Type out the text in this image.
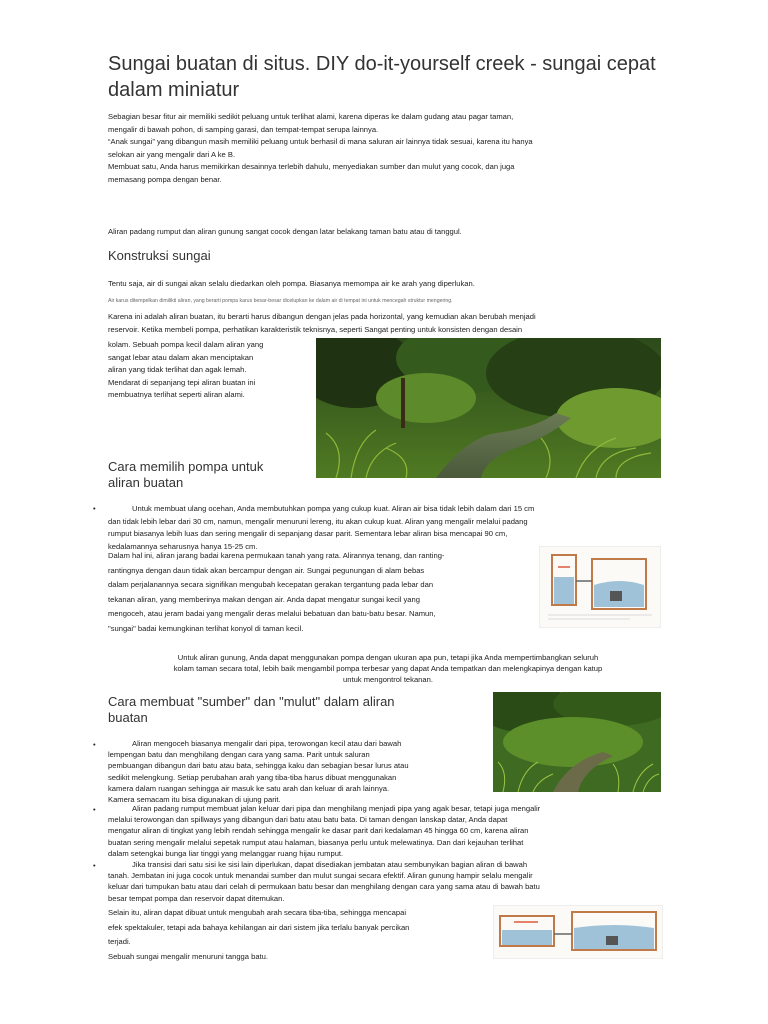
Sungai buatan di situs. DIY do-it-yourself creek - sungai cepat dalam miniatur

Sebagian besar fitur air memiliki sedikit peluang untuk terlihat alami, karena diperas ke dalam gudang atau pagar taman,

mengalir di bawah pohon, di samping garasi, dan tempat-tempat serupa lainnya.

“Anak sungai” yang dibangun masih memiliki peluang untuk berhasil di mana saluran air lainnya tidak sesuai, karena itu hanya

selokan air yang mengalir dari A ke B.

Membuat satu, Anda harus memikirkan desainnya terlebih dahulu, menyediakan sumber dan mulut yang cocok, dan juga

memasang pompa dengan benar.

Aliran padang rumput dan aliran gunung sangat cocok dengan latar belakang taman batu atau di tanggul.

Konstruksi sungai

Tentu saja, air di sungai akan selalu diedarkan oleh pompa. Biasanya memompa air ke arah yang diperlukan.

Air karus ditempelkan dimilikti aliran, yang berarti pompa karus besar-besar dicelupkan ke dalam air di tempat ini untuk mencegah struktur mengering.

Karena ini adalah aliran buatan, itu berarti harus dibangun dengan jelas pada horizontal, yang kemudian akan berubah menjadi

reservoir. Ketika membeli pompa, perhatikan karakteristik teknisnya, seperti Sangat penting untuk konsisten dengan desain

kolam. Sebuah pompa kecil dalam aliran yang

sangat lebar atau dalam akan menciptakan

aliran yang tidak terlihat dan agak lemah.

Mendarat di sepanjang tepi aliran buatan ini

membuatnya terlihat seperti aliran alami.

Cara memilih pompa untuk
aliran buatan
•	Untuk membuat ulang ocehan, Anda membutuhkan pompa yang cukup kuat. Aliran air bisa tidak lebih dalam dari 15 cm

dan tidak lebih lebar dari 30 cm, namun, mengalir menuruni lereng, itu akan cukup kuat. Aliran yang mengalir melalui padang

rumput biasanya lebih luas dan sering mengalir di sepanjang dasar parit. Sementara lebar aliran bisa mencapai 90 cm,

kedalamannya seharusnya hanya 15-25 cm.

Dalam hal ini, aliran jarang badai karena permukaan tanah yang rata. Alirannya tenang, dan ranting-

rantingnya dengan daun tidak akan bercampur dengan air. Sungai pegunungan di alam bebas

dalam perjalanannya secara signifikan mengubah kecepatan gerakan tergantung pada lebar dan

tekanan aliran, yang memberinya makan dengan air. Anda dapat mengatur sungai kecil yang

mengoceh, atau jeram badai yang mengalir deras melalui bebatuan dan batu-batu besar. Namun,

"sungai" badai kemungkinan terlihat konyol di taman kecil.

Untuk aliran gunung, Anda dapat menggunakan pompa dengan ukuran apa pun, tetapi jika Anda mempertimbangkan seluruh

kolam taman secara total, lebih baik mengambil pompa terbesar yang dapat Anda tempatkan dan melengkapinya dengan katup

untuk mengontrol tekanan.

Cara membuat "sumber" dan "mulut" dalam aliran
buatan
•	Aliran mengoceh biasanya mengalir dari pipa, terowongan kecil atau dari bawah

lempengan batu dan menghilang dengan cara yang sama. Parit untuk saluran

pembuangan dibangun dari batu atau bata, sehingga kaku dan sebagian besar lurus atau

sedikit melengkung. Setiap perubahan arah yang tiba-tiba harus dibuat menggunakan

kamera dalam ruangan sehingga air masuk ke satu arah dan keluar di arah lainnya.

Kamera semacam itu bisa digunakan di ujung parit.

•	Aliran padang rumput membuat jalan keluar dari pipa dan menghilang menjadi pipa yang agak besar, tetapi juga mengalir

melalui terowongan dan spillways yang dibangun dari batu atau batu bata. Di taman dengan lanskap datar, Anda dapat

mengatur aliran di tingkat yang lebih rendah sehingga mengalir ke dasar parit dari kedalaman 45 hingga 60 cm, karena aliran

buatan sering mengalir melalui sepetak rumput atau halaman, biasanya perlu untuk melewatinya. Dan dari kejauhan terlihat

dalam setengkai bunga liar tinggi yang melanggar ruang hijau rumput.

•	Jika transisi dari satu sisi ke sisi lain diperlukan, dapat disediakan jembatan atau sembunyikan bagian aliran di bawah

tanah. Jembatan ini juga cocok untuk menandai sumber dan mulut sungai secara efektif. Aliran gunung hampir selalu mengalir

keluar dari tumpukan batu atau dari celah di permukaan batu besar dan menghilang dengan cara yang sama atau di bawah batu

besar tempat pompa dan reservoir dapat ditemukan.

Selain itu, aliran dapat dibuat untuk mengubah arah secara tiba-tiba, sehingga mencapai

efek spektakuler, tetapi ada bahaya kehilangan air dari sistem jika terlalu banyak percikan

terjadi.

Sebuah sungai mengalir menuruni tangga batu.
